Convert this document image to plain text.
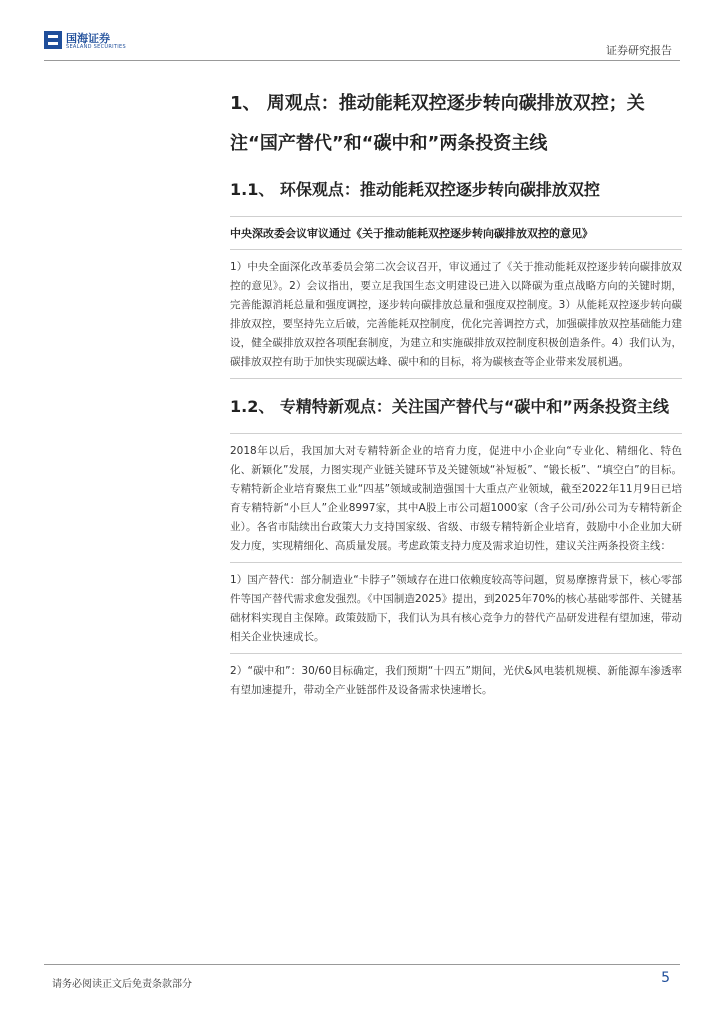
国海证券
SEALAND SECURITIES	证券研究报告
1、 周观点：推动能耗双控逐步转向碳排放双控；关注“国产替代”和“碳中和”两条投资主线
1.1、 环保观点：推动能耗双控逐步转向碳排放双控
中央深改委会议审议通过《关于推动能耗双控逐步转向碳排放双控的意见》

1）中央全面深化改革委员会第二次会议召开，审议通过了《关于推动能耗双控逐步转向碳排放双控的意见》。2）会议指出，要立足我国生态文明建设已进入以降碳为重点战略方向的关键时期，完善能源消耗总量和强度调控，逐步转向碳排放总量和强度双控制度。3）从能耗双控逐步转向碳排放双控，要坚持先立后破，完善能耗双控制度，优化完善调控方式，加强碳排放双控基础能力建设，健全碳排放双控各项配套制度，为建立和实施碳排放双控制度积极创造条件。4）我们认为，碳排放双控有助于加快实现碳达峰、碳中和的目标，将为碳核查等企业带来发展机遇。

1.2、 专精特新观点：关注国产替代与“碳中和”两条投资主线

2018年以后，我国加大对专精特新企业的培育力度，促进中小企业向“专业化、精细化、特色化、新颖化”发展，力图实现产业链关键环节及关键领域“补短板”、“锻长板”、“填空白”的目标。专精特新企业培育聚焦工业“四基”领域或制造强国十大重点产业领域，截至2022年11月9日已培育专精特新“小巨人”企业8997家，其中A股上市公司超1000家（含子公司/孙公司为专精特新企业）。各省市陆续出台政策大力支持国家级、省级、市级专精特新企业培育，鼓励中小企业加大研发力度，实现精细化、高质量发展。考虑政策支持力度及需求迫切性，建议关注两条投资主线：

1）国产替代：部分制造业“卡脖子”领域存在进口依赖度较高等问题，贸易摩擦背景下，核心零部件等国产替代需求愈发强烈。《中国制造2025》提出，到2025年70%的核心基础零部件、关键基础材料实现自主保障。政策鼓励下，我们认为具有核心竞争力的替代产品研发进程有望加速，带动相关企业快速成长。

2）“碳中和”：30/60目标确定，我们预期“十四五”期间，光伏&风电装机规模、新能源车渗透率有望加速提升，带动全产业链部件及设备需求快速增长。

请务必阅读正文后免责条款部分	5
